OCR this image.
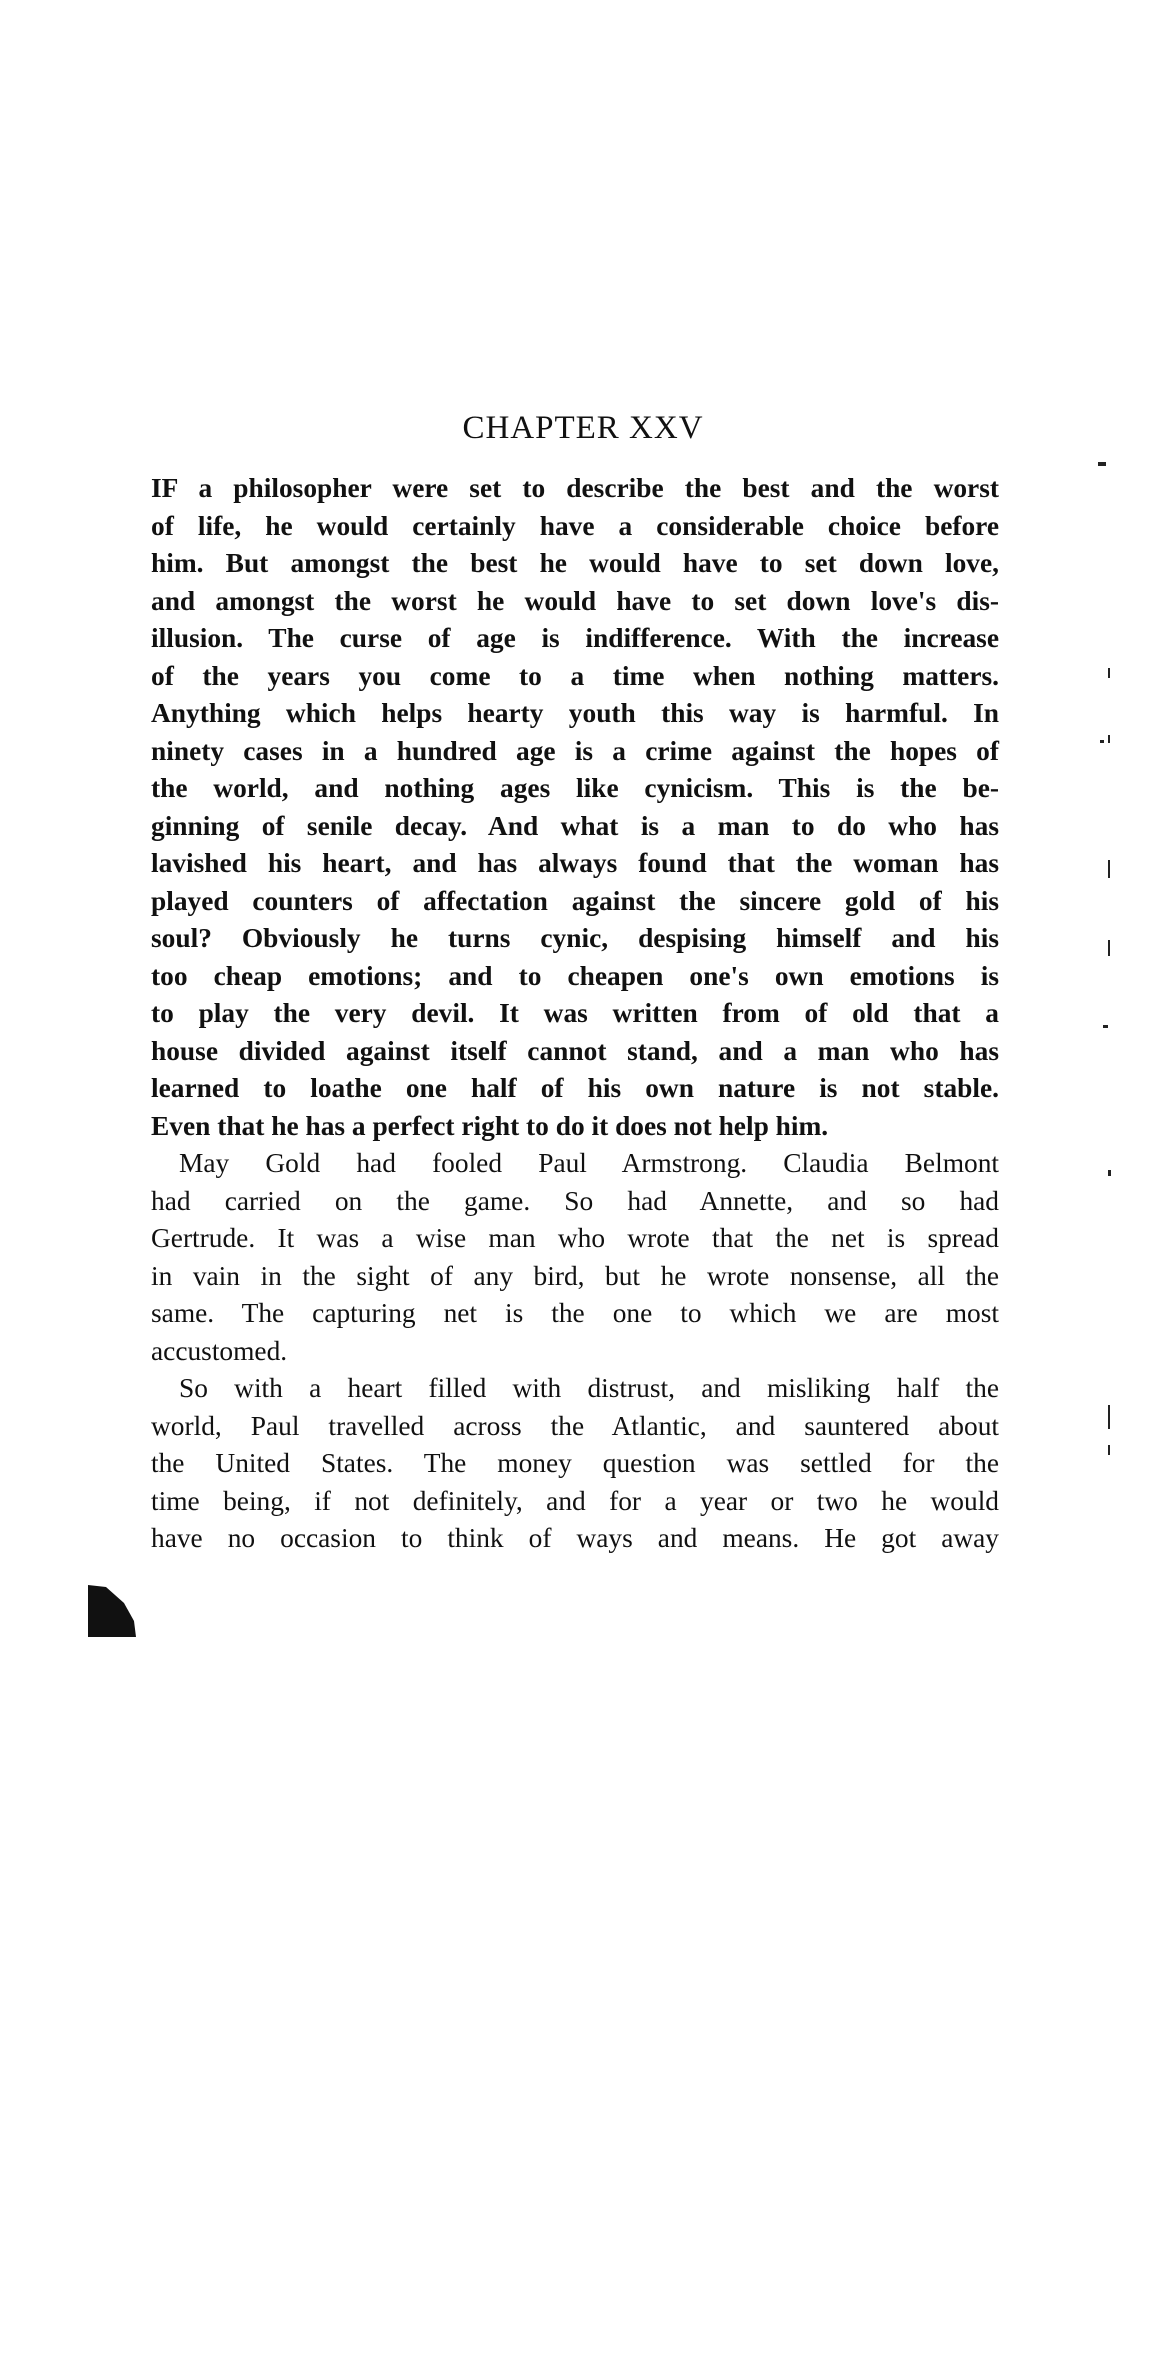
CHAPTER XXV

IF a philosopher were set to describe the best and the worst
of life, he would certainly have a considerable choice before
him. But amongst the best he would have to set down love,
and amongst the worst he would have to set down love's dis-
illusion. The curse of age is indifference. With the increase
of the years you come to a time when nothing matters.
Anything which helps hearty youth this way is harmful. In
ninety cases in a hundred age is a crime against the hopes of
the world, and nothing ages like cynicism. This is the be-
ginning of senile decay. And what is a man to do who has
lavished his heart, and has always found that the woman has
played counters of affectation against the sincere gold of his
soul? Obviously he turns cynic, despising himself and his
too cheap emotions; and to cheapen one's own emotions is
to play the very devil. It was written from of old that a
house divided against itself cannot stand, and a man who has
learned to loathe one half of his own nature is not stable.
Even that he has a perfect right to do it does not help him.

May Gold had fooled Paul Armstrong. Claudia Belmont
had carried on the game. So had Annette, and so had
Gertrude. It was a wise man who wrote that the net is spread
in vain in the sight of any bird, but he wrote nonsense, all the
same. The capturing net is the one to which we are most
accustomed.

So with a heart filled with distrust, and misliking half the
world, Paul travelled across the Atlantic, and sauntered about
the United States. The money question was settled for the
time being, if not definitely, and for a year or two he would
have no occasion to think of ways and means. He got away
